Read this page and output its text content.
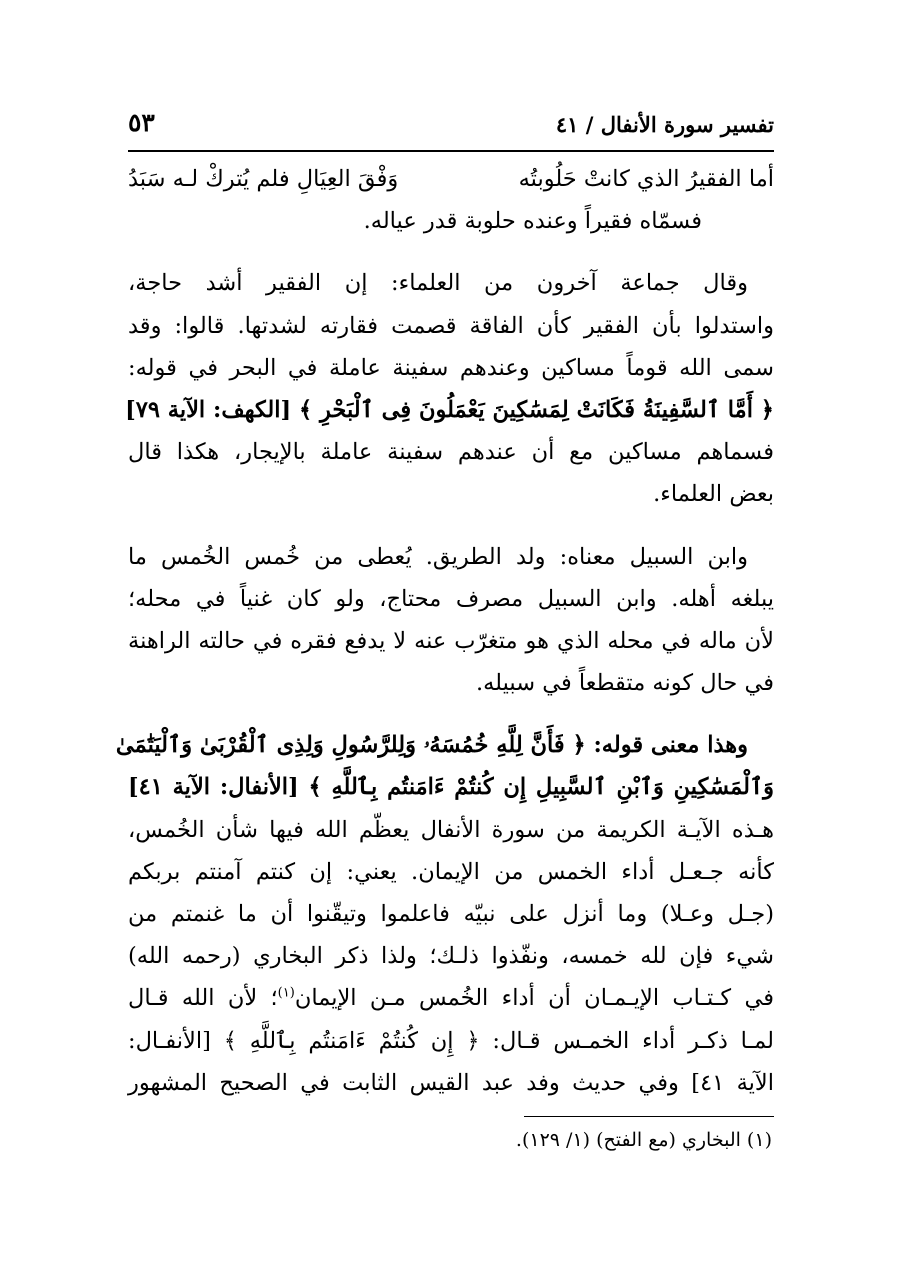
تفسير سورة الأنفال / ٤١
٥٣
أما الفقيرُ الذي كانتْ حَلُوبتُه
وَفْقَ العِيَالِ فلم يُتركْ لـه سَبَدُ
فسمّاه فقيراً وعنده حلوبة قدر عياله.
وقال جماعة آخرون من العلماء: إن الفقير أشد حاجة،
واستدلوا بأن الفقير كأن الفاقة قصمت فقارته لشدتها. قالوا: وقد
سمى الله قوماً مساكين وعندهم سفينة عاملة في البحر في قوله:
﴿ أَمَّا ٱلسَّفِينَةُ فَكَانَتْ لِمَسَٰكِينَ يَعْمَلُونَ فِى ٱلْبَحْرِ ﴾ [الكهف: الآية ٧٩]
فسماهم مساكين مع أن عندهم سفينة عاملة بالإيجار، هكذا قال
بعض العلماء.
وابن السبيل معناه: ولد الطريق. يُعطى من خُمس الخُمس ما
يبلغه أهله. وابن السبيل مصرف محتاج، ولو كان غنياً في محله؛
لأن ماله في محله الذي هو متغرّب عنه لا يدفع فقره في حالته الراهنة
في حال كونه متقطعاً في سبيله.
وهذا معنى قوله: ﴿ فَأَنَّ لِلَّهِ خُمُسَهُۥ وَلِلرَّسُولِ وَلِذِى ٱلْقُرْبَىٰ وَٱلْيَتَٰمَىٰ
وَٱلْمَسَٰكِينِ وَٱبْنِ ٱلسَّبِيلِ إِن كُنتُمْ ءَامَنتُم بِٱللَّهِ ﴾ [الأنفال: الآية ٤١]
هـذه الآيـة الكريمة من سورة الأنفال يعظّم الله فيها شأن الخُمس،
كأنه جـعـل أداء الخمس من الإيمان. يعني: إن كنتم آمنتم بربكم
(جـل وعـلا) وما أنزل على نبيّه فاعلموا وتيقّنوا أن ما غنمتم من
شيء فإن لله خمسه، ونفّذوا ذلـك؛ ولذا ذكر البخاري (رحمه الله)
في كـتـاب الإيـمـان أن أداء الخُمس مـن الإيمان$^{(١)}$؛ لأن الله قـال
لمـا ذكـر أداء الخمـس قـال: ﴿ إِن كُنتُمْ ءَامَنتُم بِٱللَّهِ ﴾ [الأنفـال:
الآية ٤١] وفي حديث وفد عبد القيس الثابت في الصحيح المشهور
(١) البخاري (مع الفتح) (١/ ١٢٩).
